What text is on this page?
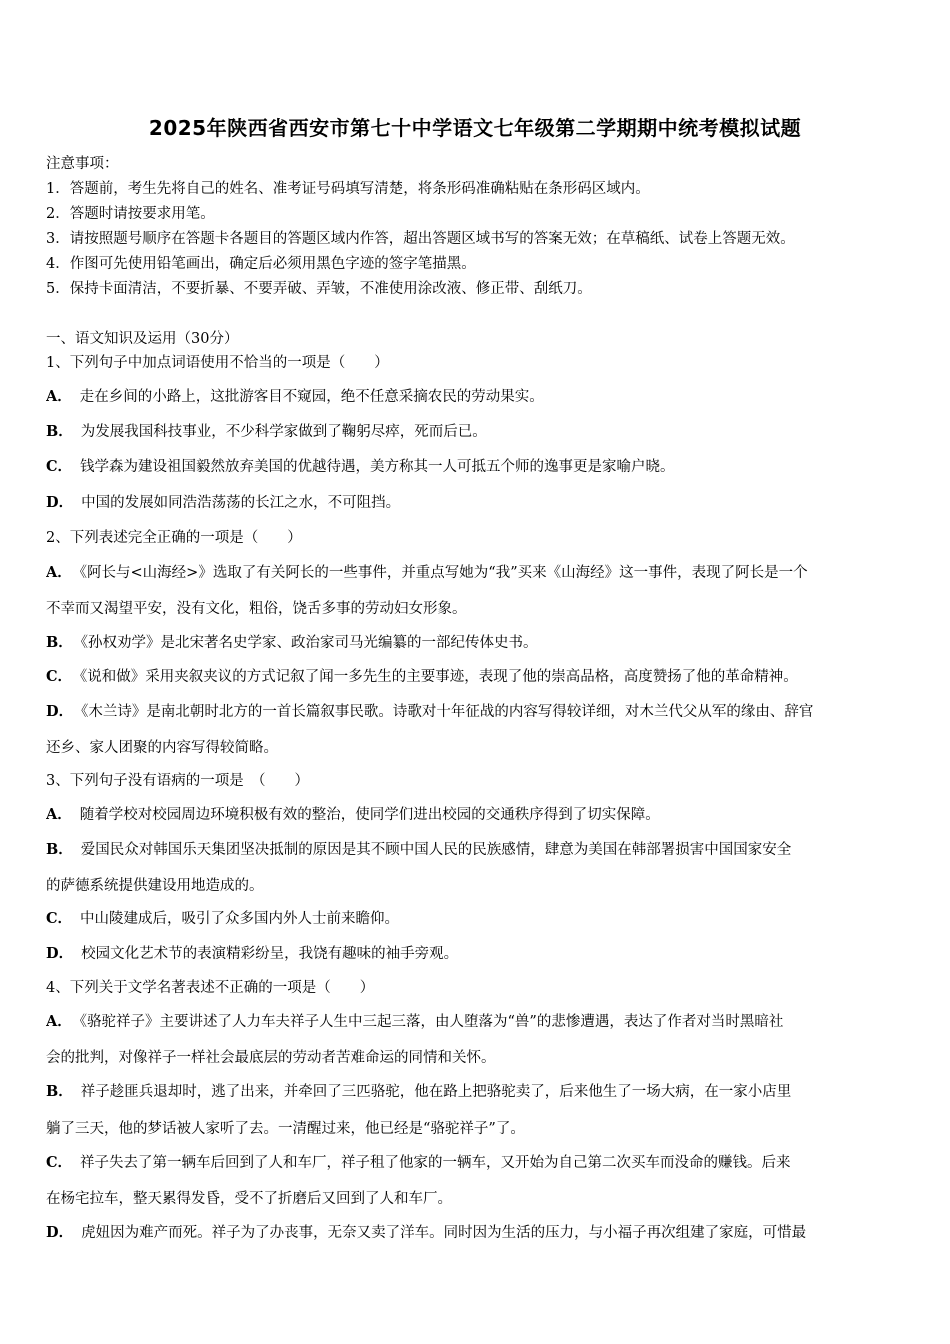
2025年陕西省西安市第七十中学语文七年级第二学期期中统考模拟试题
注意事项：
1．答题前，考生先将自己的姓名、准考证号码填写清楚，将条形码准确粘贴在条形码区域内。
2．答题时请按要求用笔。
3．请按照题号顺序在答题卡各题目的答题区域内作答，超出答题区域书写的答案无效；在草稿纸、试卷上答题无效。
4．作图可先使用铅笔画出，确定后必须用黑色字迹的签字笔描黑。
5．保持卡面清洁，不要折暴、不要弄破、弄皱，不准使用涂改液、修正带、刮纸刀。
一、语文知识及运用（30分）
1、下列句子中加点词语使用不恰当的一项是（　　）
A． 走在乡间的小路上，这批游客目不窥园，绝不任意采摘农民的劳动果实。
B． 为发展我国科技事业，不少科学家做到了鞠躬尽瘁，死而后已。
C． 钱学森为建设祖国毅然放弃美国的优越待遇，美方称其一人可抵五个师的逸事更是家喻户晓。
D． 中国的发展如同浩浩荡荡的长江之水，不可阻挡。
2、下列表述完全正确的一项是（　　）
A． 《阿长与<山海经>》选取了有关阿长的一些事件，并重点写她为“我”买来《山海经》这一事件，表现了阿长是一个
不幸而又渴望平安，没有文化，粗俗，饶舌多事的劳动妇女形象。
B． 《孙权劝学》是北宋著名史学家、政治家司马光编纂的一部纪传体史书。
C． 《说和做》采用夹叙夹议的方式记叙了闻一多先生的主要事迹，表现了他的崇高品格，高度赞扬了他的革命精神。
D． 《木兰诗》是南北朝时北方的一首长篇叙事民歌。诗歌对十年征战的内容写得较详细，对木兰代父从军的缘由、辞官
还乡、家人团聚的内容写得较简略。
3、下列句子没有语病的一项是　（　　）
A． 随着学校对校园周边环境积极有效的整治，使同学们进出校园的交通秩序得到了切实保障。
B． 爱国民众对韩国乐天集团坚决抵制的原因是其不顾中国人民的民族感情，肆意为美国在韩部署损害中国国家安全
的萨德系统提供建设用地造成的。
C． 中山陵建成后，吸引了众多国内外人士前来瞻仰。
D． 校园文化艺术节的表演精彩纷呈，我饶有趣味的袖手旁观。
4、下列关于文学名著表述不正确的一项是（　　）
A． 《骆驼祥子》主要讲述了人力车夫祥子人生中三起三落，由人堕落为“兽”的悲惨遭遇，表达了作者对当时黑暗社
会的批判，对像祥子一样社会最底层的劳动者苦难命运的同情和关怀。
B． 祥子趁匪兵退却时，逃了出来，并牵回了三匹骆驼，他在路上把骆驼卖了，后来他生了一场大病，在一家小店里
躺了三天，他的梦话被人家听了去。一清醒过来，他已经是“骆驼祥子”了。
C． 祥子失去了第一辆车后回到了人和车厂，祥子租了他家的一辆车，又开始为自己第二次买车而没命的赚钱。后来
在杨宅拉车，整天累得发昏，受不了折磨后又回到了人和车厂。
D． 虎妞因为难产而死。祥子为了办丧事，无奈又卖了洋车。同时因为生活的压力，与小福子再次组建了家庭，可惜最
